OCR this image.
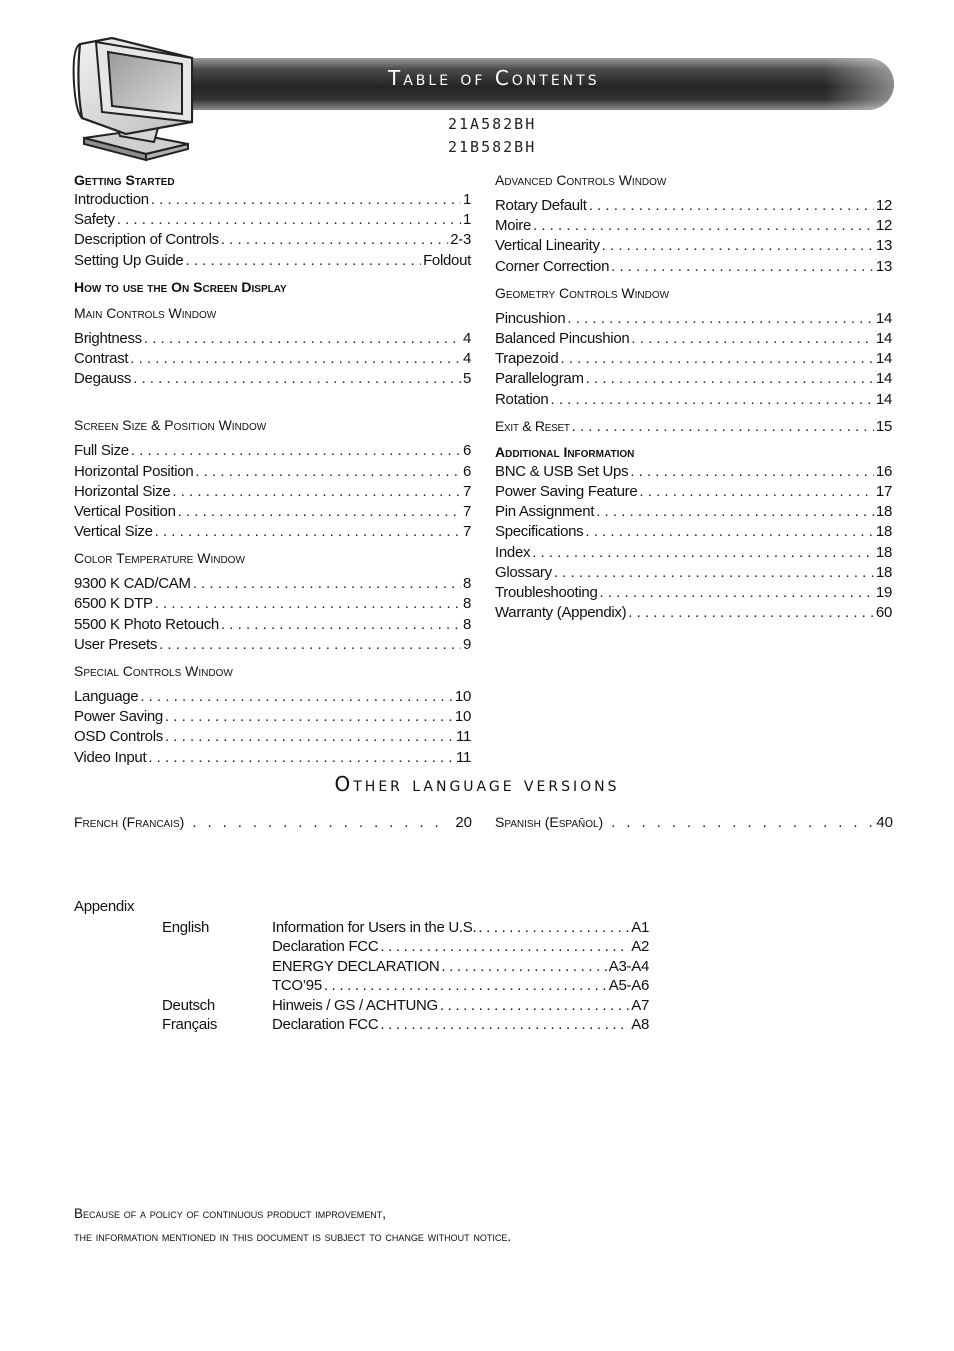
Table of Contents
21A582BH
21B582BH
Getting Started
Introduction . . .	1
Safety . . .	1
Description of Controls . . .	2-3
Setting Up Guide . . .	Foldout
How to use the On Screen Display
Main Controls Window
Brightness . . .	4
Contrast . . .	4
Degauss . . .	5
Screen Size & Position Window
Full Size . . .	6
Horizontal Position . . .	6
Horizontal Size . . .	7
Vertical Position . . .	7
Vertical Size . . .	7
Color Temperature Window
9300 K CAD/CAM . . .	8
6500 K DTP . . .	8
5500 K Photo Retouch . . .	8
User Presets . . .	9
Special Controls Window
Language . . .	10
Power Saving . . .	10
OSD Controls . . .	11
Video Input . . .	11
Advanced Controls Window
Rotary Default . . .	12
Moire . . .	12
Vertical Linearity . . .	13
Corner Correction . . .	13
Geometry Controls Window
Pincushion . . .	14
Balanced Pincushion . . .	14
Trapezoid . . .	14
Parallelogram . . .	14
Rotation . . .	14
Exit & Reset . . .	15
Additional Information
BNC & USB Set Ups . . .	16
Power Saving Feature . . .	17
Pin Assignment . . .	18
Specifications . . .	18
Index . . .	18
Glossary . . .	18
Troubleshooting . . .	19
Warranty (Appendix) . . .	60
Other language versions
French (Francais) . . .	20 Spanish (Español) . . .	40
Appendix
English	Information for Users in the U.S. . . .	A1
Declaration FCC . . .	A2
ENERGY DECLARATION . . .	A3-A4
TCO’95 . . .	A5-A6
Deutsch	Hinweis / GS / ACHTUNG . . .	A7
Français	Declaration FCC . . .	A8
Because of a policy of continuous product improvement,
the information mentioned in this document is subject to change without notice.
